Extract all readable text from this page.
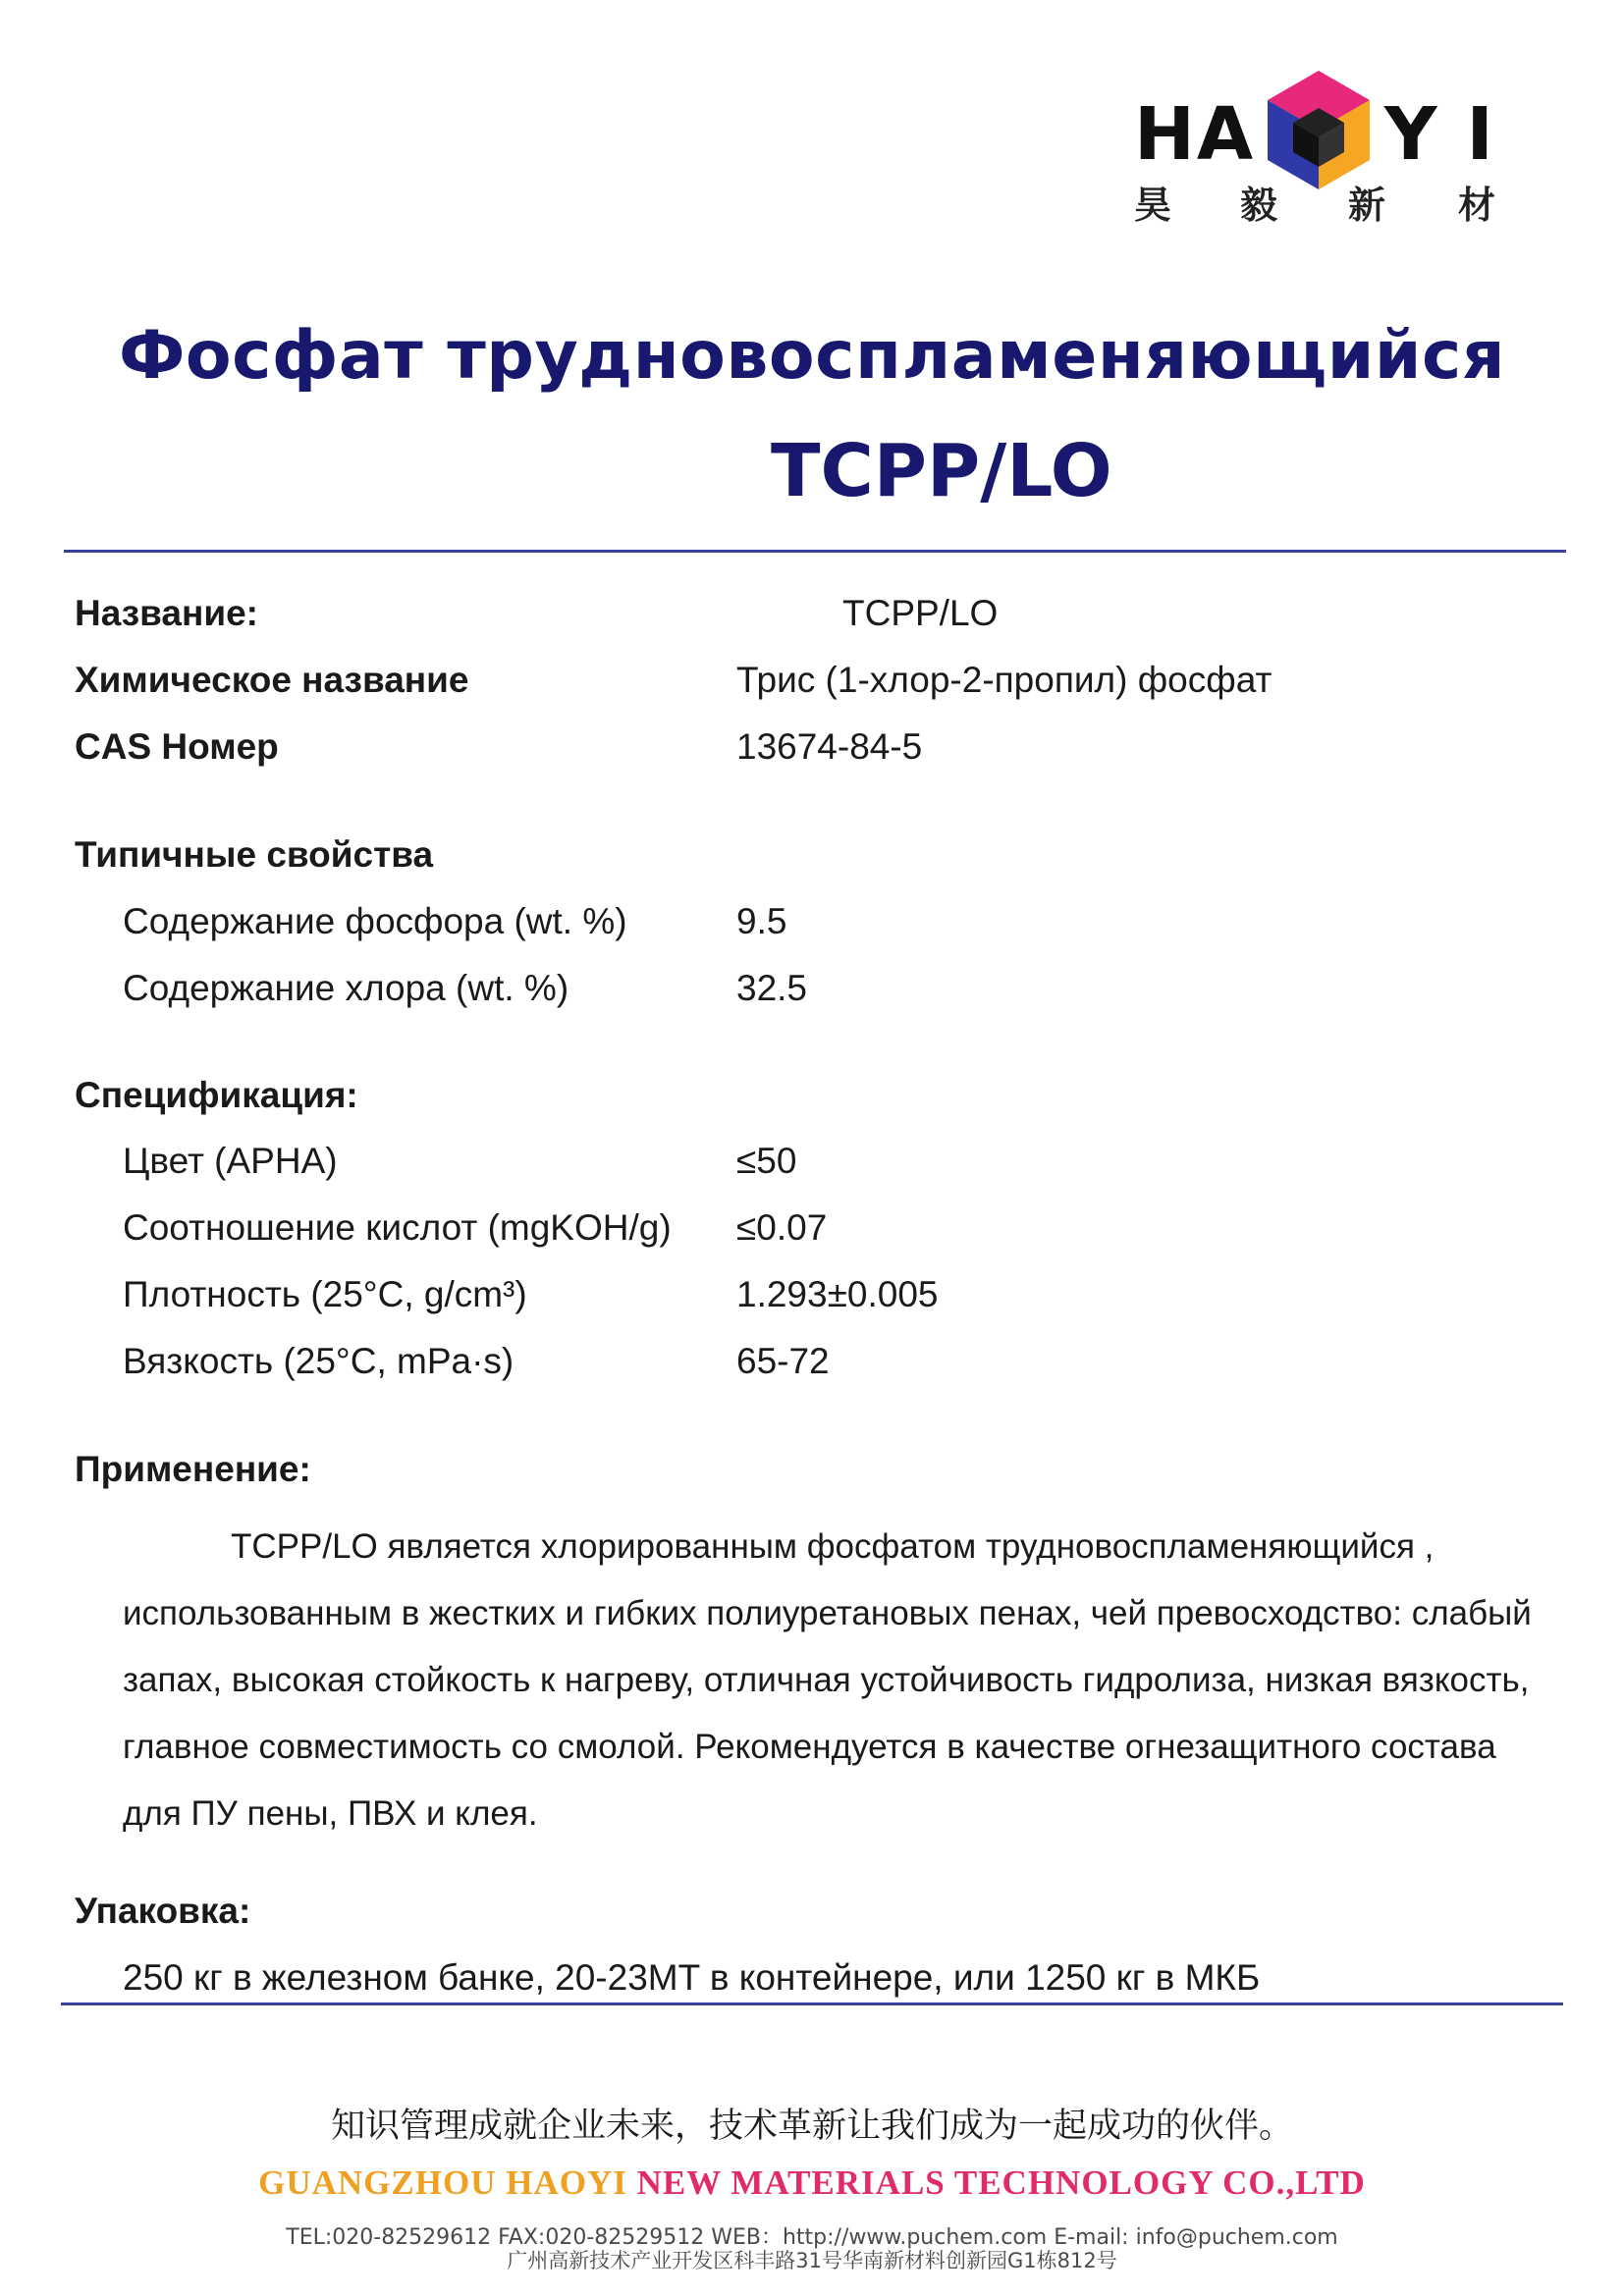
HA Y I
昊 毅 新 材
Фосфат трудновоспламеняющийся
TCPP/LO
Название:	TCPP/LO
Химическое название	Трис (1-хлор-2-пропил) фосфат
CAS Номер	13674-84-5
Типичные свойства
Содержание фосфора (wt. %)	9.5
Содержание хлора (wt. %)	32.5
Спецификация:
Цвет (APHA)	≤50
Соотношение кислот (mgKOH/g) ≤0.07
Плотность (25°C, g/cm³)	1.293±0.005
Вязкость (25°C, mPa·s)	65-72
Применение:
TCPP/LO является хлорированным фосфатом трудновоспламеняющийся , использованным в жестких и гибких полиуретановых пенах, чей превосходство: слабый запах, высокая стойкость к нагреву, отличная устойчивость гидролиза, низкая вязкость, главное совместимость со смолой. Рекомендуется в качестве огнезащитного состава для ПУ пены, ПВХ и клея.
Упаковка:
250 кг в железном банке, 20-23MT в контейнере, или 1250 кг в МКБ
知识管理成就企业未来，技术革新让我们成为一起成功的伙伴。
GUANGZHOU HAOYI NEW MATERIALS TECHNOLOGY CO.,LTD
TEL:020-82529612 FAX:020-82529512 WEB：http://www.puchem.com E-mail: info@puchem.com
广州高新技术产业开发区科丰路31号华南新材料创新园G1栋812号
